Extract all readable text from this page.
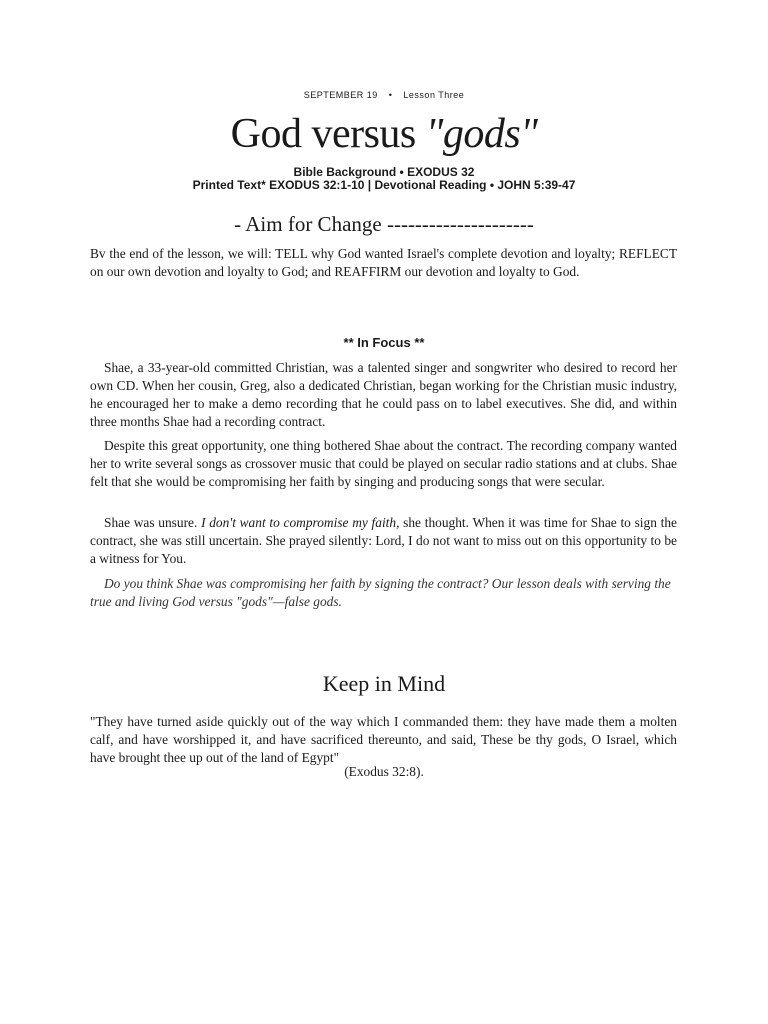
SEPTEMBER 19 • Lesson Three
God versus "gods"
Bible Background • EXODUS 32
Printed Text* EXODUS 32:1-10 | Devotional Reading • JOHN 5:39-47
- Aim for Change ---------------------

Bv the end of the lesson, we will: TELL why God wanted Israel's complete devotion and loyalty; REFLECT on our own devotion and loyalty to God; and REAFFIRM our devotion and loyalty to God.

** In Focus **

Shae, a 33-year-old committed Christian, was a talented singer and songwriter who desired to record her own CD. When her cousin, Greg, also a dedicated Christian, began working for the Christian music industry, he encouraged her to make a demo recording that he could pass on to label executives. She did, and within three months Shae had a recording contract.

Despite this great opportunity, one thing bothered Shae about the contract. The recording company wanted her to write several songs as crossover music that could be played on secular radio stations and at clubs. Shae felt that she would be compromising her faith by singing and producing songs that were secular.

Shae was unsure. I don't want to compromise my faith, she thought. When it was time for Shae to sign the contract, she was still uncertain. She prayed silently: Lord, I do not want to miss out on this opportunity to be a witness for You.

Do you think Shae was compromising her faith by signing the contract? Our lesson deals with serving the true and living God versus "gods"—false gods.

Keep in Mind

"They have turned aside quickly out of the way which I commanded them: they have made them a molten calf, and have worshipped it, and have sacrificed thereunto, and said, These be thy gods, O Israel, which have brought thee up out of the land of Egypt"

(Exodus 32:8).
